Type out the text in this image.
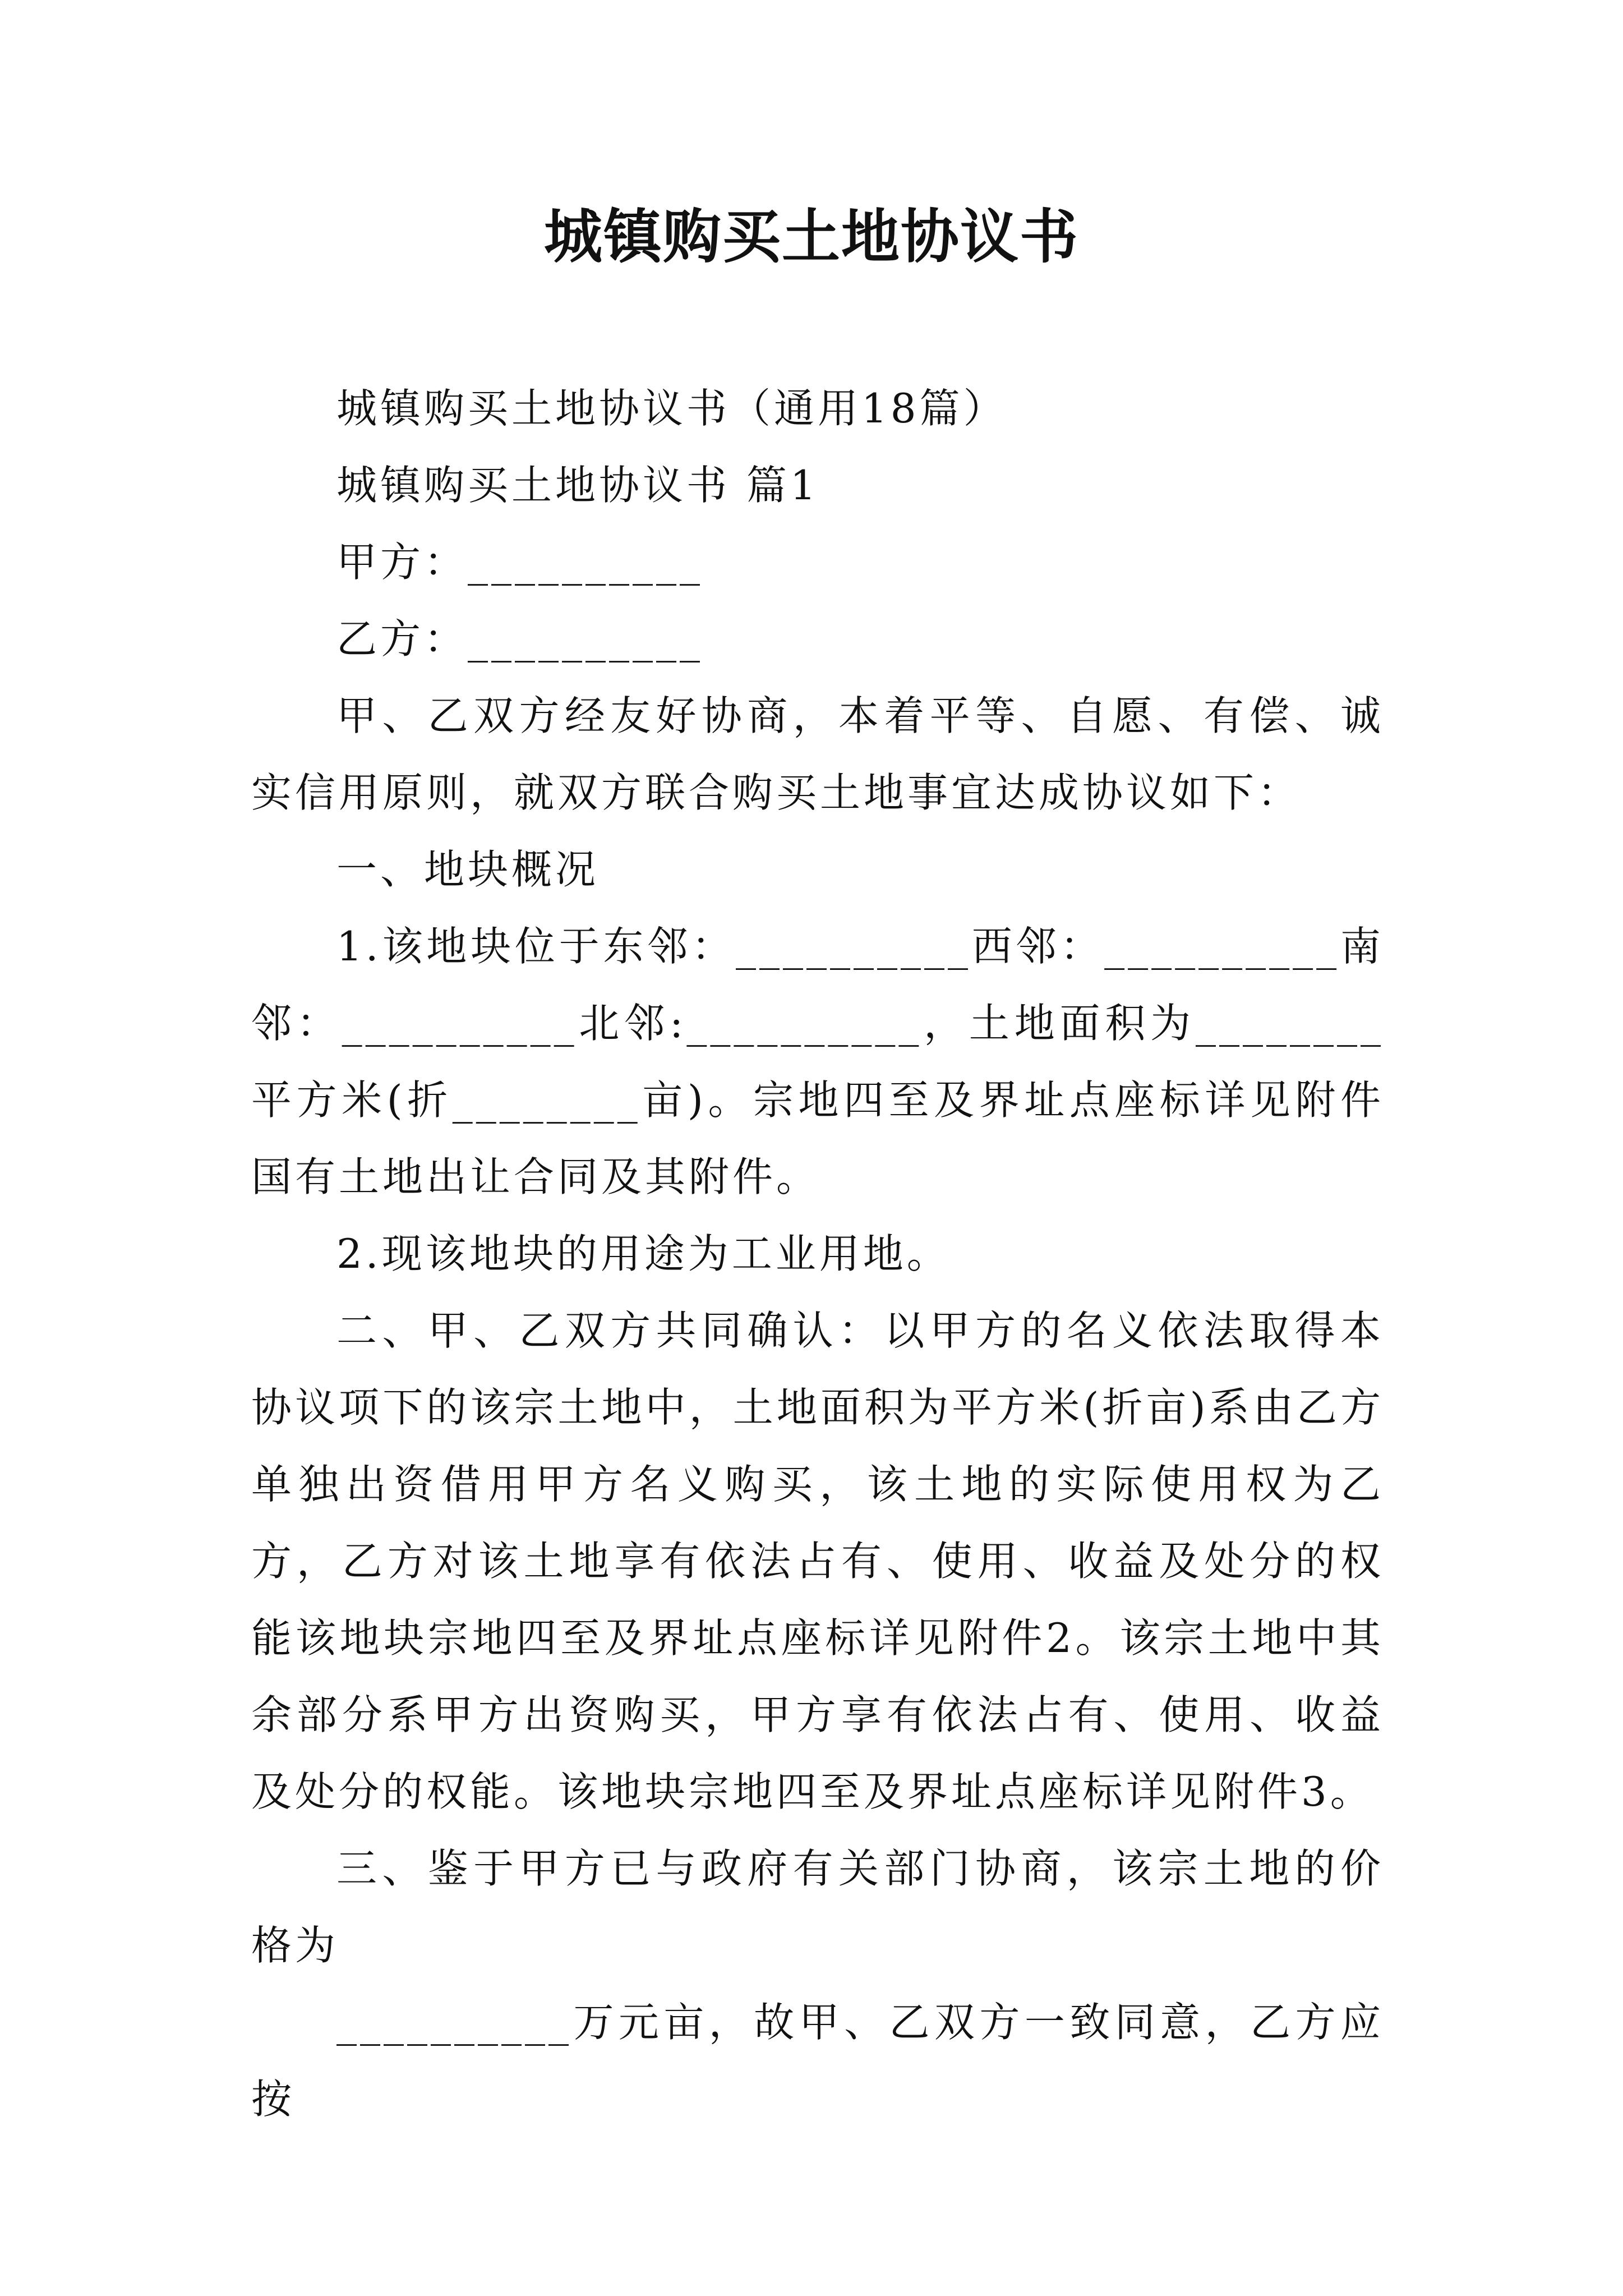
城镇购买土地协议书

城镇购买土地协议书（通用18篇）

城镇购买土地协议书 篇1

甲方：__________

乙方：__________

甲、乙双方经友好协商，本着平等、自愿、有偿、诚实信用原则，就双方联合购买土地事宜达成协议如下：

一、地块概况

1.该地块位于东邻：__________西邻：__________南邻：__________北邻:__________，土地面积为________平方米(折________亩)。宗地四至及界址点座标详见附件国有土地出让合同及其附件。

2.现该地块的用途为工业用地。

二、甲、乙双方共同确认：以甲方的名义依法取得本协议项下的该宗土地中，土地面积为平方米(折亩)系由乙方单独出资借用甲方名义购买，该土地的实际使用权为乙方，乙方对该土地享有依法占有、使用、收益及处分的权能该地块宗地四至及界址点座标详见附件2。该宗土地中其余部分系甲方出资购买，甲方享有依法占有、使用、收益及处分的权能。该地块宗地四至及界址点座标详见附件3。

三、鉴于甲方已与政府有关部门协商，该宗土地的价格为

__________万元亩，故甲、乙双方一致同意，乙方应按
